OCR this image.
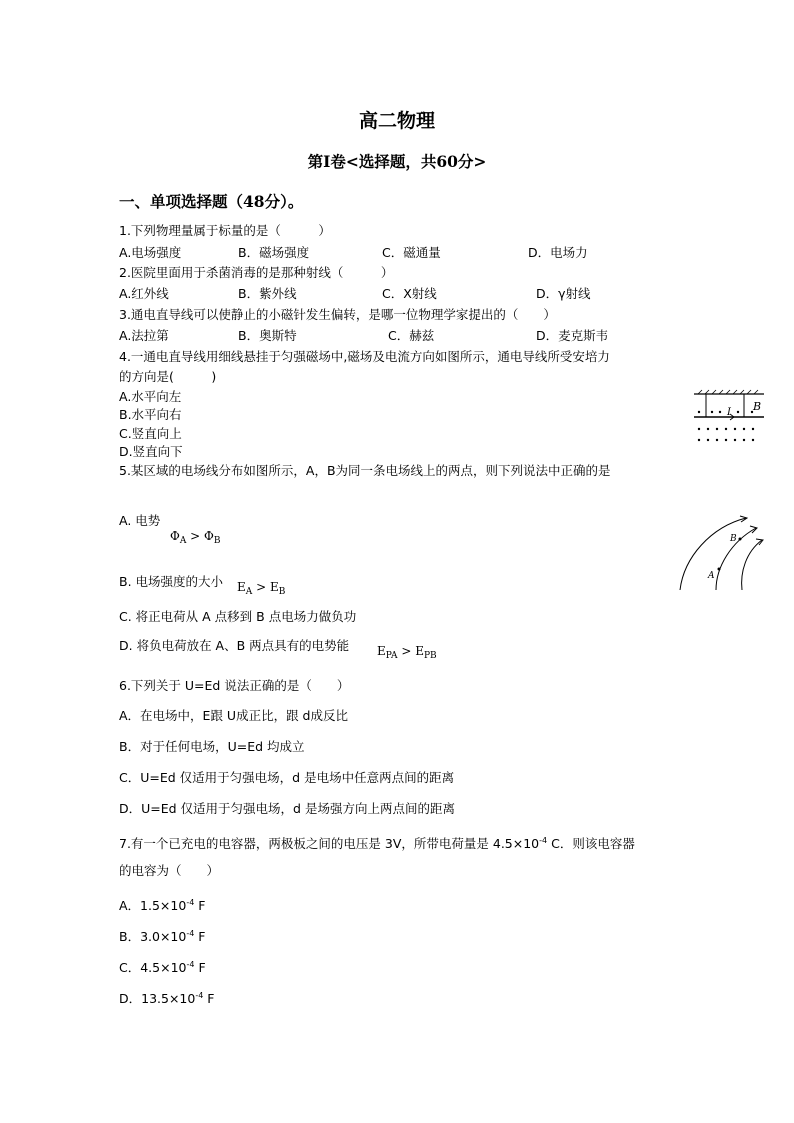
高二物理
第Ⅰ卷<选择题，共60分>
一、单项选择题（48分）。
1.下列物理量属于标量的是（　　　）
A.电场强度	B．磁场强度	C．磁通量	D．电场力
2.医院里面用于杀菌消毒的是那种射线（　　　）
A.红外线	B．紫外线	C．X射线	D．γ射线
3.通电直导线可以使静止的小磁针发生偏转，是哪一位物理学家提出的（　　）
A.法拉第	B．奥斯特	C．赫兹	D．麦克斯韦
4.一通电直导线用细线悬挂于匀强磁场中,磁场及电流方向如图所示，通电导线所受安培力
的方向是(　　　)
A.水平向左
B.水平向右
C.竖直向上
D.竖直向下
I B
5.某区域的电场线分布如图所示，A，B为同一条电场线上的两点，则下列说法中正确的是
A. 电势
$\Phi_A > \Phi_B$
B. 电场强度的大小 $E_A > E_B$
C. 将正电荷从 A 点移到 B 点电场力做负功
D. 将负电荷放在 A、B 两点具有的电势能 $E_{PA} > E_{PB}$
A
B
6.下列关于 U=Ed 说法正确的是（　　）
A．在电场中，E跟 U成正比，跟 d成反比
B．对于任何电场，U=Ed 均成立
C．U=Ed 仅适用于匀强电场，d 是电场中任意两点间的距离
D．U=Ed 仅适用于匀强电场，d 是场强方向上两点间的距离
7.有一个已充电的电容器，两极板之间的电压是 3V，所带电荷量是 $4.5\times 10^{-4}$ C．则该电容器
的电容为（　　）
A．$1.5\times 10^{-4}$ F
B．$3.0\times 10^{-4}$ F
C．$4.5\times 10^{-4}$ F
D．$13.5\times 10^{-4}$ F
